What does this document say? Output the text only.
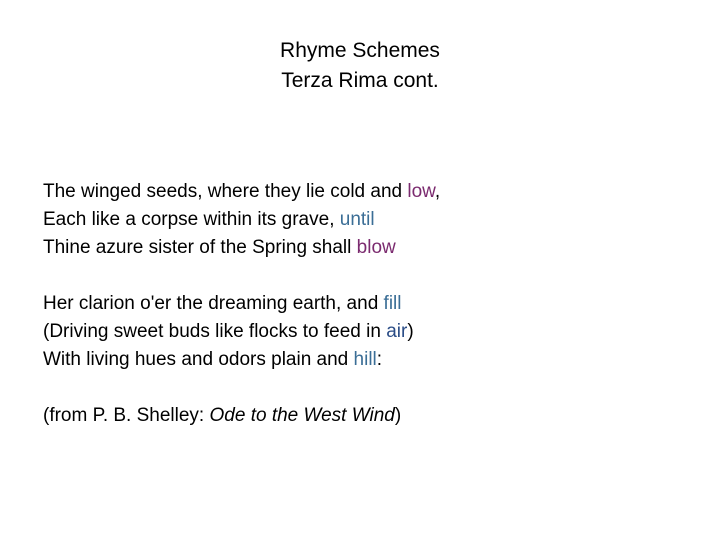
Rhyme Schemes
Terza Rima cont.
The winged seeds, where they lie cold and low,
Each like a corpse within its grave, until
Thine azure sister of the Spring shall blow
Her clarion o'er the dreaming earth, and fill
(Driving sweet buds like flocks to feed in air)
With living hues and odors plain and hill:
(from P. B. Shelley: Ode to the West Wind)
